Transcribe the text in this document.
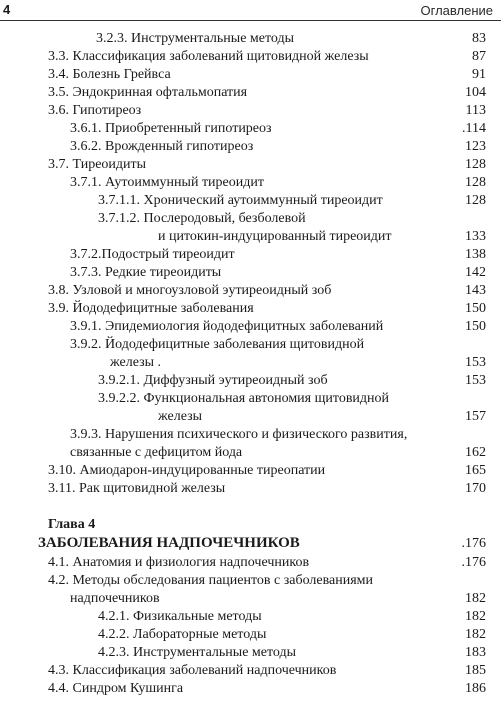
4	Оглавление
3.2.3. Инструментальные методы	83
3.3. Классификация заболеваний щитовидной железы	87
3.4. Болезнь Грейвса	91
3.5. Эндокринная офтальмопатия	104
3.6. Гипотиреоз	113
3.6.1. Приобретенный гипотиреоз	.114
3.6.2. Врожденный гипотиреоз	123
3.7. Тиреоидиты	128
3.7.1. Аутоиммунный тиреоидит	128
3.7.1.1. Хронический аутоиммунный тиреоидит	128
3.7.1.2. Послеродовый, безболевой
и цитокин-индуцированный тиреоидит	133
3.7.2.Подострый тиреоидит	138
3.7.3. Редкие тиреоидиты	142
3.8. Узловой и многоузловой эутиреоидный зоб	143
3.9. Йододефицитные заболевания	150
3.9.1. Эпидемиология йододефицитных заболеваний	150
3.9.2. Йододефицитные заболевания щитовидной
железы .	153
3.9.2.1. Диффузный эутиреоидный зоб	153
3.9.2.2. Функциональная автономия щитовидной
железы	157
3.9.3. Нарушения психического и физического развития,
связанные с дефицитом йода	162
3.10. Амиодарон-индуцированные тиреопатии	165
3.11. Рак щитовидной железы	170
Глава 4
ЗАБОЛЕВАНИЯ НАДПОЧЕЧНИКОВ	.176
4.1. Анатомия и физиология надпочечников	.176
4.2. Методы обследования пациентов с заболеваниями
надпочечников	182
4.2.1. Физикальные методы	182
4.2.2. Лабораторные методы	182
4.2.3. Инструментальные методы	183
4.3. Классификация заболеваний надпочечников	185
4.4. Синдром Кушинга	186
